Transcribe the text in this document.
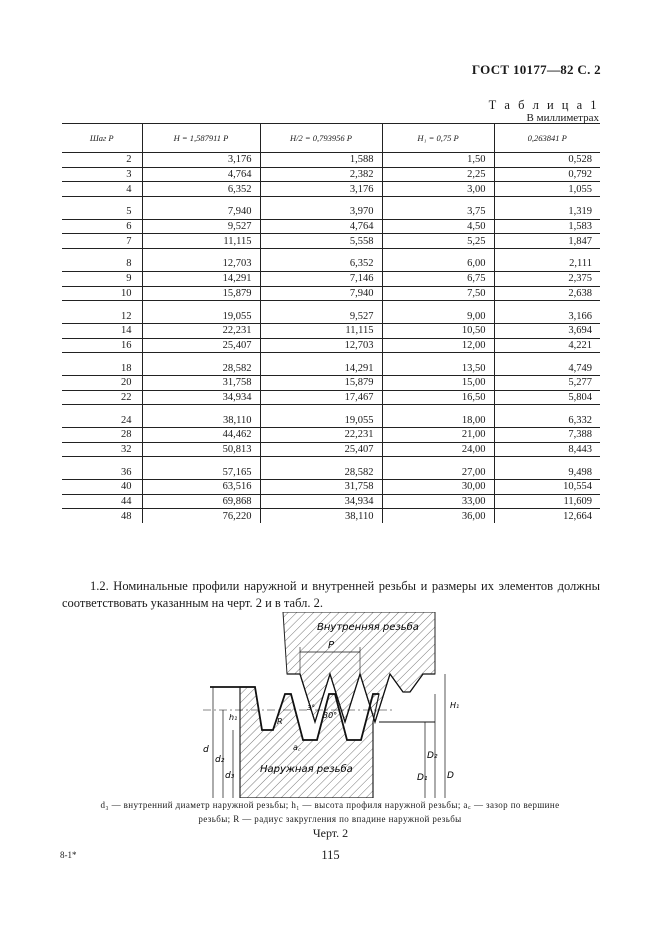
ГОСТ 10177—82 С. 2
Т а б л и ц а 1
В миллиметрах
Шаг P	H = 1,587911 P	H/2 = 0,793956 P	H₁ = 0,75 P	0,263841 P
2	3,176	1,588	1,50	0,528
3	4,764	2,382	2,25	0,792
4	6,352	3,176	3,00	1,055

5	7,940	3,970	3,75	1,319
6	9,527	4,764	4,50	1,583
7	11,115	5,558	5,25	1,847

8	12,703	6,352	6,00	2,111
9	14,291	7,146	6,75	2,375
10	15,879	7,940	7,50	2,638

12	19,055	9,527	9,00	3,166
14	22,231	11,115	10,50	3,694
16	25,407	12,703	12,00	4,221

18	28,582	14,291	13,50	4,749
20	31,758	15,879	15,00	5,277
22	34,934	17,467	16,50	5,804

24	38,110	19,055	18,00	6,332
28	44,462	22,231	21,00	7,388
32	50,813	25,407	24,00	8,443

36	57,165	28,582	27,00	9,498
40	63,516	31,758	30,00	10,554
44	69,868	34,934	33,00	11,609
48	76,220	38,110	36,00	12,664
1.2. Номинальные профили наружной и внутренней резьбы и размеры их элементов должны соответствовать указанным на черт. 2 и в табл. 2.
Внутренняя резьба
Наружная резьба
P
30°
3°
R
h₁
H₁
a꜀
d
d₂
d₃	D₁
D₂
D
d₃ — внутренний диаметр наружной резьбы; h₁ — высота профиля наружной резьбы; a꜀ — зазор по вершине резьбы; R — радиус закругления по впадине наружной резьбы
Черт. 2
115
8-1*
